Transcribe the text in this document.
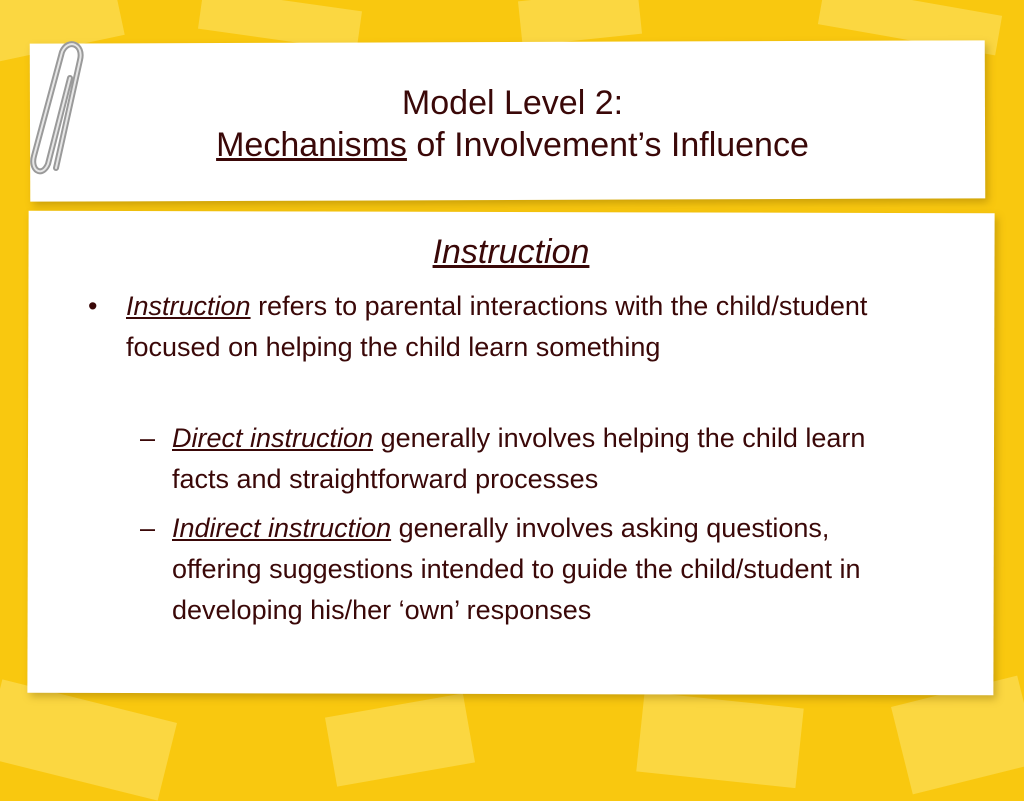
Model Level 2:
Mechanisms of Involvement’s Influence
Instruction
• Instruction refers to parental interactions with the child/student focused on helping the child learn something
– Direct instruction generally involves helping the child learn facts and straightforward processes
– Indirect instruction generally involves asking questions, offering suggestions intended to guide the child/student in developing his/her ‘own’ responses
